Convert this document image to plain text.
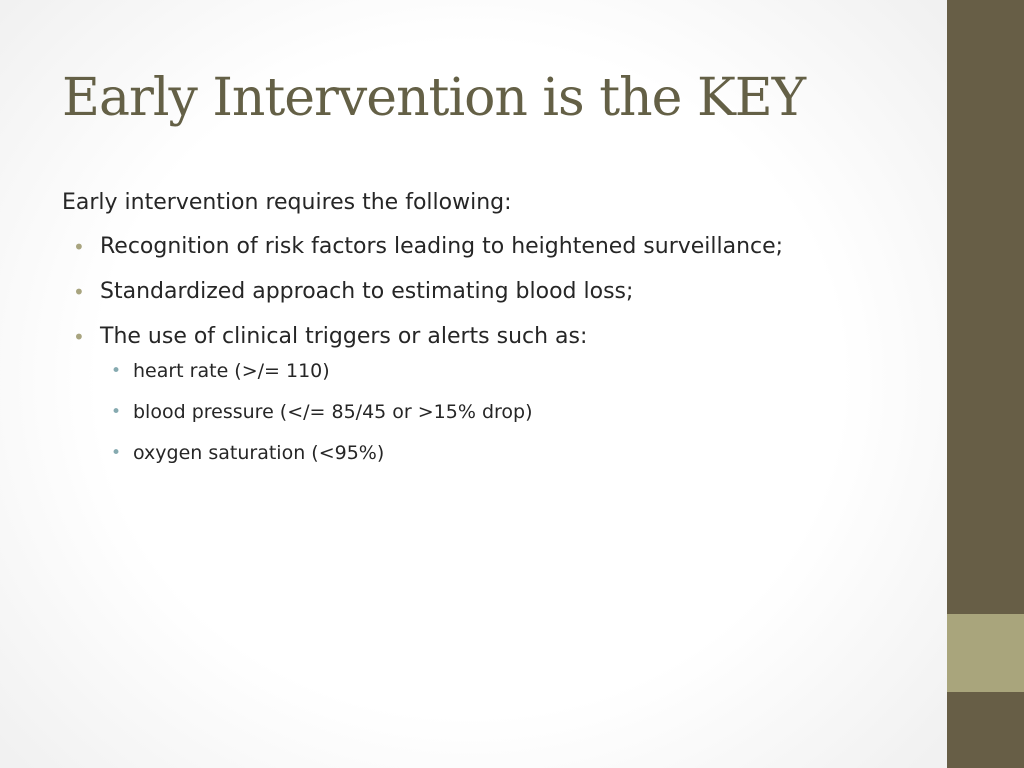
Early Intervention is the KEY

Early intervention requires the following:

• Recognition of risk factors leading to heightened surveillance;
• Standardized approach to estimating blood loss;
• The use of clinical triggers or alerts such as:
• heart rate (>/= 110)
• blood pressure (</= 85/45 or >15% drop)
• oxygen saturation (<95%)
